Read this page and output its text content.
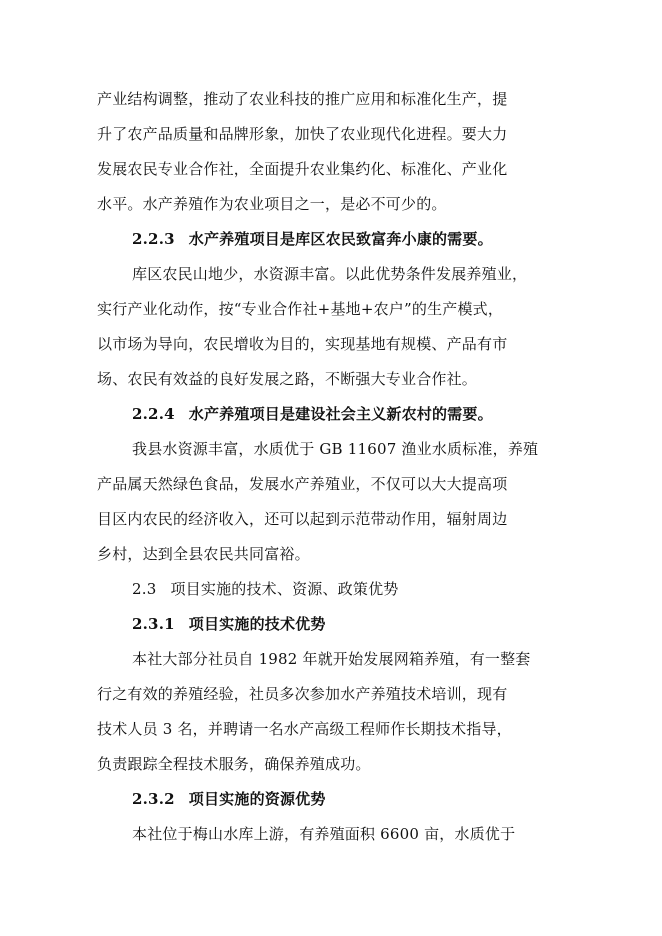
产业结构调整，推动了农业科技的推广应用和标准化生产，提
升了农产品质量和品牌形象，加快了农业现代化进程。要大力
发展农民专业合作社，全面提升农业集约化、标准化、产业化
水平。水产养殖作为农业项目之一，是必不可少的。
2.2.3 水产养殖项目是库区农民致富奔小康的需要。
库区农民山地少，水资源丰富。以此优势条件发展养殖业，
实行产业化动作，按“专业合作社+基地+农户”的生产模式，
以市场为导向，农民增收为目的，实现基地有规模、产品有市
场、农民有效益的良好发展之路，不断强大专业合作社。
2.2.4 水产养殖项目是建设社会主义新农村的需要。
我县水资源丰富，水质优于 GB 11607 渔业水质标准，养殖
产品属天然绿色食品，发展水产养殖业，不仅可以大大提高项
目区内农民的经济收入，还可以起到示范带动作用，辐射周边
乡村，达到全县农民共同富裕。
2.3 项目实施的技术、资源、政策优势
2.3.1 项目实施的技术优势
本社大部分社员自 1982 年就开始发展网箱养殖，有一整套
行之有效的养殖经验，社员多次参加水产养殖技术培训，现有
技术人员 3 名，并聘请一名水产高级工程师作长期技术指导，
负责跟踪全程技术服务，确保养殖成功。
2.3.2 项目实施的资源优势
本社位于梅山水库上游，有养殖面积 6600 亩，水质优于
